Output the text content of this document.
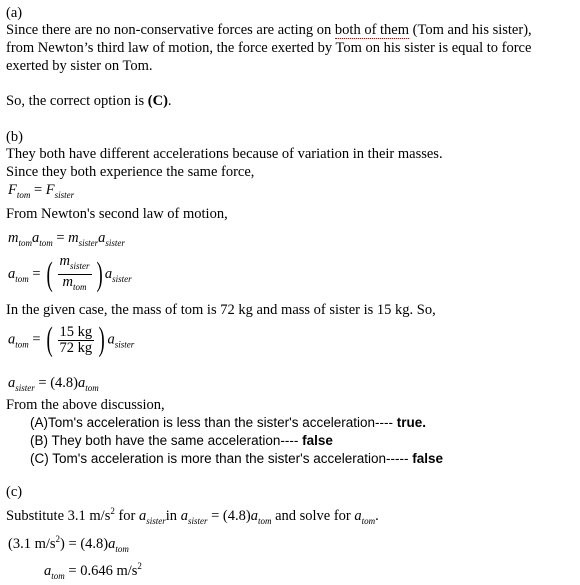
(a)
Since there are no non-conservative forces are acting on both of them (Tom and his sister),
from Newton’s third law of motion, the force exerted by Tom on his sister is equal to force
exerted by sister on Tom.
So, the correct option is (C).
(b)
They both have different accelerations because of variation in their masses.
Since they both experience the same force,
$F_{tom} = F_{sister}$
From Newton's second law of motion,
$m_{tom}a_{tom} = m_{sister}a_{sister}$
$a_{tom}$ = ( $\frac{m_{sister}}{m_{tom}}$ ) $a_{sister}$
In the given case, the mass of tom is 72 kg and mass of sister is 15 kg. So,
$a_{tom}$ = ( $\frac{15 kg}{72 kg}$ ) $a_{sister}$
$a_{sister} = (4.8)a_{tom}$
From the above discussion,
(A)Tom's acceleration is less than the sister's acceleration---- true.
(B) They both have the same acceleration---- false
(C) Tom's acceleration is more than the sister's acceleration----- false
(c)
Substitute 3.1 $m/s^2$ for $a_{sister}in$ $a_{sister} = (4.8)a_{tom}$ and solve for $a_{tom}$.
(3.1 $m/s^2) = (4.8)a_{tom}$
$a_{tom} = 0.646$ $m/s^2$
